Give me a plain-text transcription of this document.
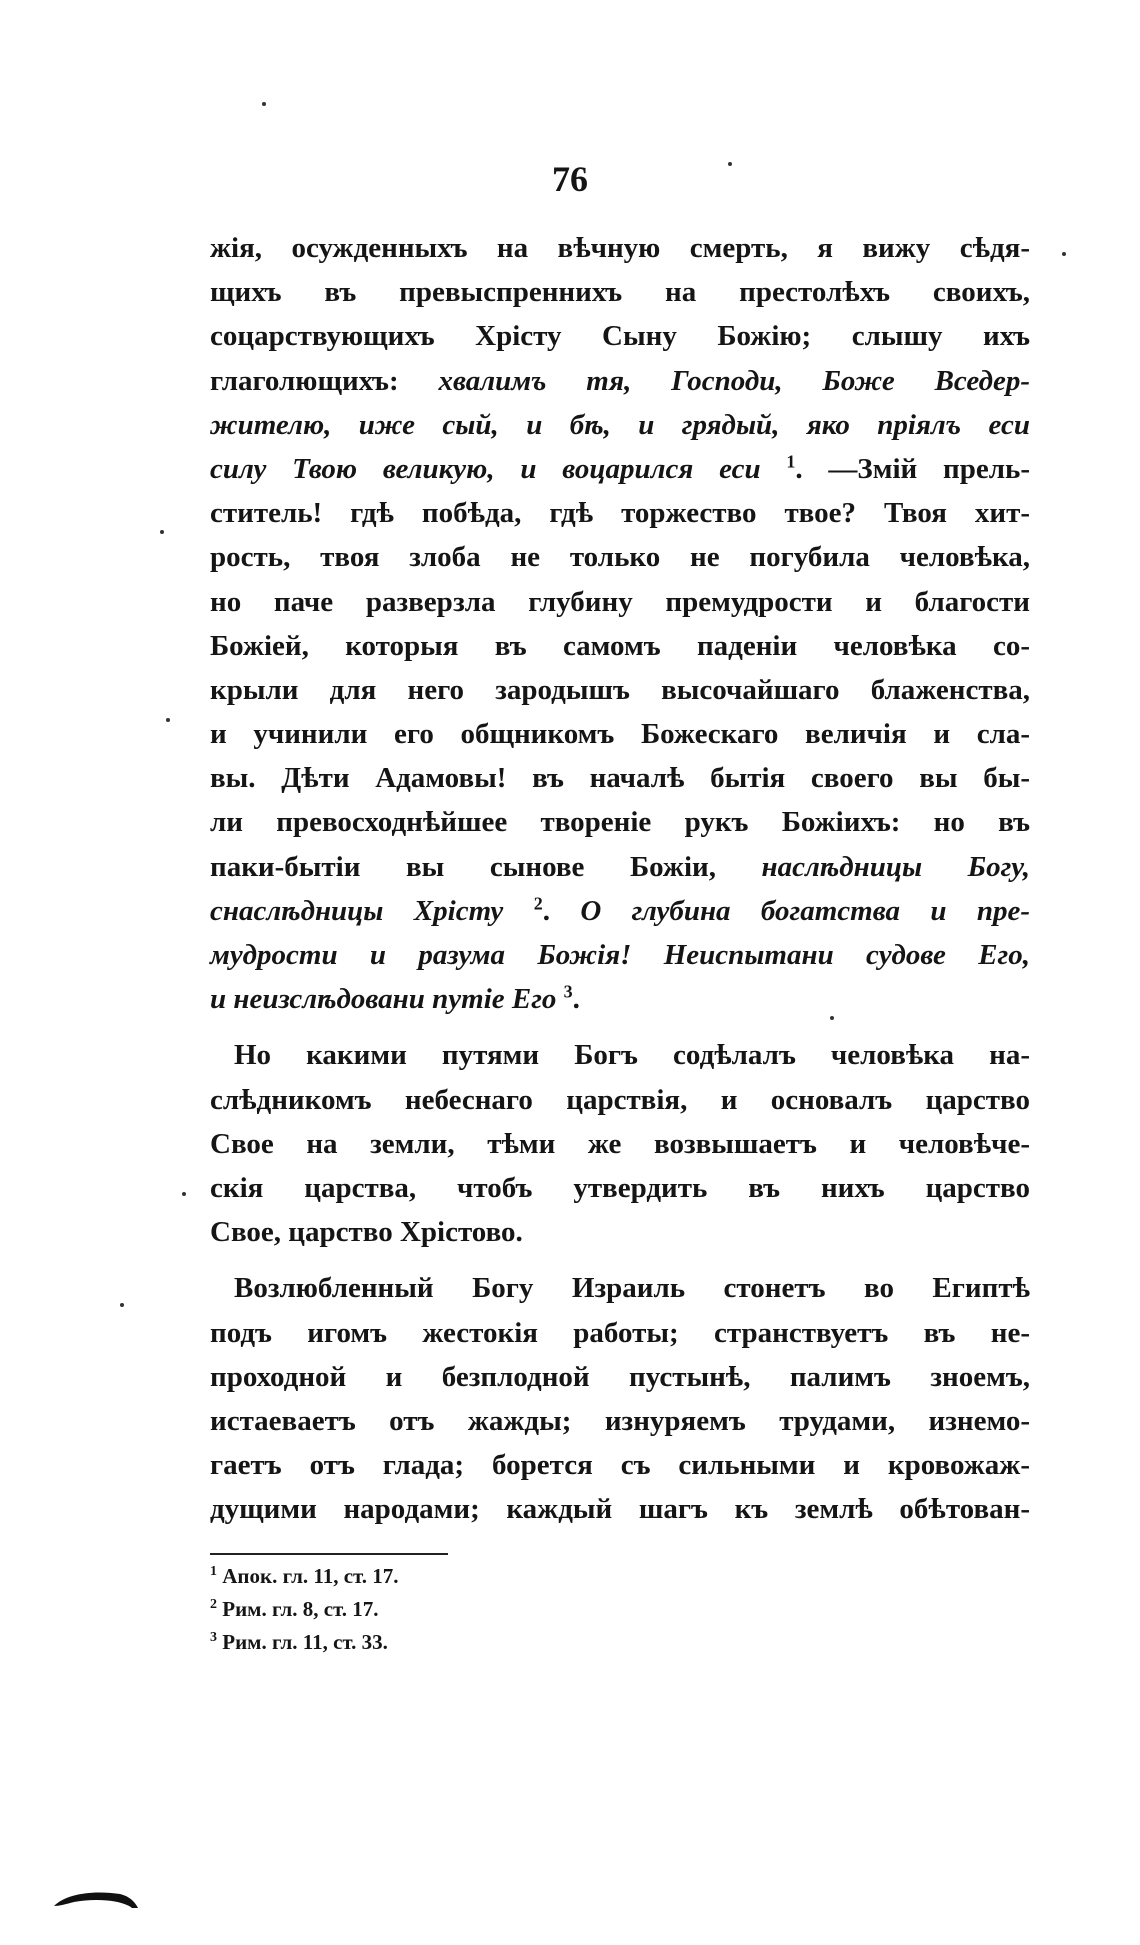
76
жія, осужденныхъ на вѣчную смерть, я вижу сѣдя-
щихъ въ превыспреннихъ на престолѣхъ своихъ,
соцарствующихъ Хрісту Сыну Божію; слышу ихъ
глаголющихъ: хвалимъ тя, Господи, Боже Вседер-
жителю, иже сый, и бѣ, и грядый, яко пріялъ еси
силу Твою великую, и воцарился еси $^1$. —Змій прель-
ститель! гдѣ побѣда, гдѣ торжество твое? Твоя хит-
рость, твоя злоба не только не погубила человѣка,
но паче разверзла глубину премудрости и благости
Божіей, которыя въ самомъ паденіи человѣка со-
крыли для него зародышъ высочайшаго блаженства,
и учинили его общникомъ Божескаго величія и сла-
вы. Дѣти Адамовы! въ началѣ бытія своего вы бы-
ли превосходнѣйшее твореніе рукъ Божіихъ: но въ
паки-бытіи вы сынове Божіи, наслѣдницы Богу,
снаслѣдницы Хрісту $^2$. О глубина богатства и пре-
мудрости и разума Божія! Неиспытани судове Его,
и неизслѣдовани путіе Его $^3$.
Но какими путями Богъ содѣлалъ человѣка на-
слѣдникомъ небеснаго царствія, и основалъ царство
Свое на земли, тѣми же возвышаетъ и человѣче-
скія царства, чтобъ утвердить въ нихъ царство
Свое, царство Хрістово.
Возлюбленный Богу Израиль стонетъ во Египтѣ
подъ игомъ жестокія работы; странствуетъ въ не-
проходной и безплодной пустынѣ, палимъ зноемъ,
истаеваетъ отъ жажды; изнуряемъ трудами, изнемо-
гаетъ отъ глада; борется съ сильными и кровожаж-
дущими народами; каждый шагъ къ землѣ обѣтован-
$^1$ Апок. гл. 11, ст. 17.
$^2$ Рим. гл. 8, ст. 17.
$^3$ Рим. гл. 11, ст. 33.
